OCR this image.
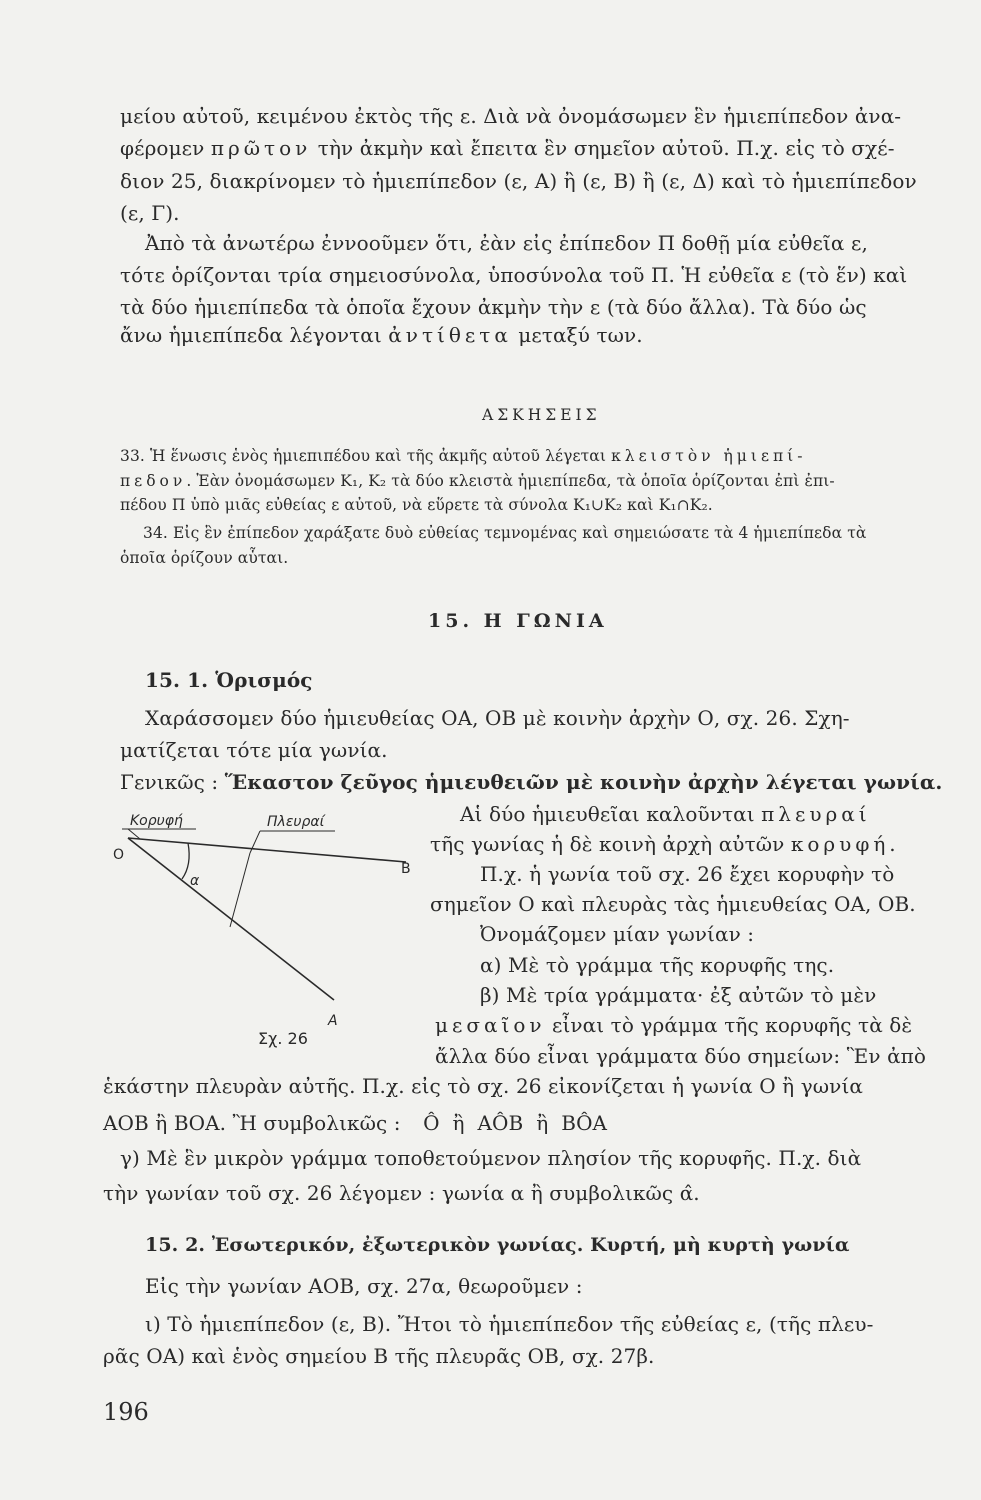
μείου αὐτοῦ, κειμένου ἐκτὸς τῆς ε. Διὰ νὰ ὀνομάσωμεν ἓν ἡμιεπίπεδον ἀνα-
φέρομεν πρῶτον τὴν ἀκμὴν καὶ ἔπειτα ἓν σημεῖον αὐτοῦ. Π.χ. εἰς τὸ σχέ-
διον 25, διακρίνομεν τὸ ἡμιεπίπεδον (ε, Α) ἢ (ε, Β) ἢ (ε, Δ) καὶ τὸ ἡμιεπίπεδον
(ε, Γ).
Ἀπὸ τὰ ἀνωτέρω ἐννοοῦμεν ὅτι, ἐὰν εἰς ἐπίπεδον Π δοθῇ μία εὐθεῖα ε,
τότε ὁρίζονται τρία σημειοσύνολα, ὑποσύνολα τοῦ Π. Ἡ εὐθεῖα ε (τὸ ἕν) καὶ
τὰ δύο ἡμιεπίπεδα τὰ ὁποῖα ἔχουν ἀκμὴν τὴν ε (τὰ δύο ἄλλα). Τὰ δύο ὡς
ἄνω ἡμιεπίπεδα λέγονται ἀντίθετα μεταξύ των.
ΑΣΚΗΣΕΙΣ
33. Ἡ ἕνωσις ἑνὸς ἡμιεπιπέδου καὶ τῆς ἀκμῆς αὐτοῦ λέγεται κλειστὸν ἡμιεπί-
πεδον. Ἐὰν ὀνομάσωμεν Κ₁, Κ₂ τὰ δύο κλειστὰ ἡμιεπίπεδα, τὰ ὁποῖα ὁρίζονται ἐπὶ ἐπι-
πέδου Π ὑπὸ μιᾶς εὐθείας ε αὐτοῦ, νὰ εὕρετε τὰ σύνολα Κ₁∪Κ₂ καὶ Κ₁∩Κ₂.
34. Εἰς ἓν ἐπίπεδον χαράξατε δυὸ εὐθείας τεμνομένας καὶ σημειώσατε τὰ 4 ἡμιεπίπεδα τὰ
ὁποῖα ὁρίζουν αὗται.
15. Η ΓΩΝΙΑ
15. 1. Ὁρισμός
Χαράσσομεν δύο ἡμιευθείας ΟΑ, ΟΒ μὲ κοινὴν ἀρχὴν Ο, σχ. 26. Σχη-
ματίζεται τότε μία γωνία.
Γενικῶς : Ἕκαστον ζεῦγος ἡμιευθειῶν μὲ κοινὴν ἀρχὴν λέγεται γωνία.
Αἱ δύο ἡμιευθεῖαι καλοῦνται πλευραί
τῆς γωνίας ἡ δὲ κοινὴ ἀρχὴ αὐτῶν κορυφή.
Π.χ. ἡ γωνία τοῦ σχ. 26 ἔχει κορυφὴν τὸ
σημεῖον Ο καὶ πλευρὰς τὰς ἡμιευθείας ΟΑ, ΟΒ.
Ὀνομάζομεν μίαν γωνίαν :
α) Μὲ τὸ γράμμα τῆς κορυφῆς της.
β) Μὲ τρία γράμματα· ἐξ αὐτῶν τὸ μὲν
μεσαῖον εἶναι τὸ γράμμα τῆς κορυφῆς τὰ δὲ
ἄλλα δύο εἶναι γράμματα δύο σημείων: Ἓν ἀπὸ
Κορυφή	Πλευραί
Ο
Β
Α
α
Σχ. 26
ἑκάστην πλευρὰν αὐτῆς. Π.χ. εἰς τὸ σχ. 26 εἰκονίζεται ἡ γωνία Ο ἢ γωνία
ΑΟΒ ἢ ΒΟΑ. Ἢ συμβολικῶς : Ô  ἢ  ΑÔΒ  ἢ  ΒÔΑ
γ) Μὲ ἓν μικρὸν γράμμα τοποθετούμενον πλησίον τῆς κορυφῆς. Π.χ. διὰ
τὴν γωνίαν τοῦ σχ. 26 λέγομεν : γωνία α ἢ συμβολικῶς α̂.
15. 2. Ἐσωτερικόν, ἐξωτερικὸν γωνίας. Κυρτή, μὴ κυρτὴ γωνία
Εἰς τὴν γωνίαν ΑΟΒ, σχ. 27α, θεωροῦμεν :
ι) Τὸ ἡμιεπίπεδον (ε, Β). Ἤτοι τὸ ἡμιεπίπεδον τῆς εὐθείας ε, (τῆς πλευ-
ρᾶς ΟΑ) καὶ ἑνὸς σημείου Β τῆς πλευρᾶς ΟΒ, σχ. 27β.
196
